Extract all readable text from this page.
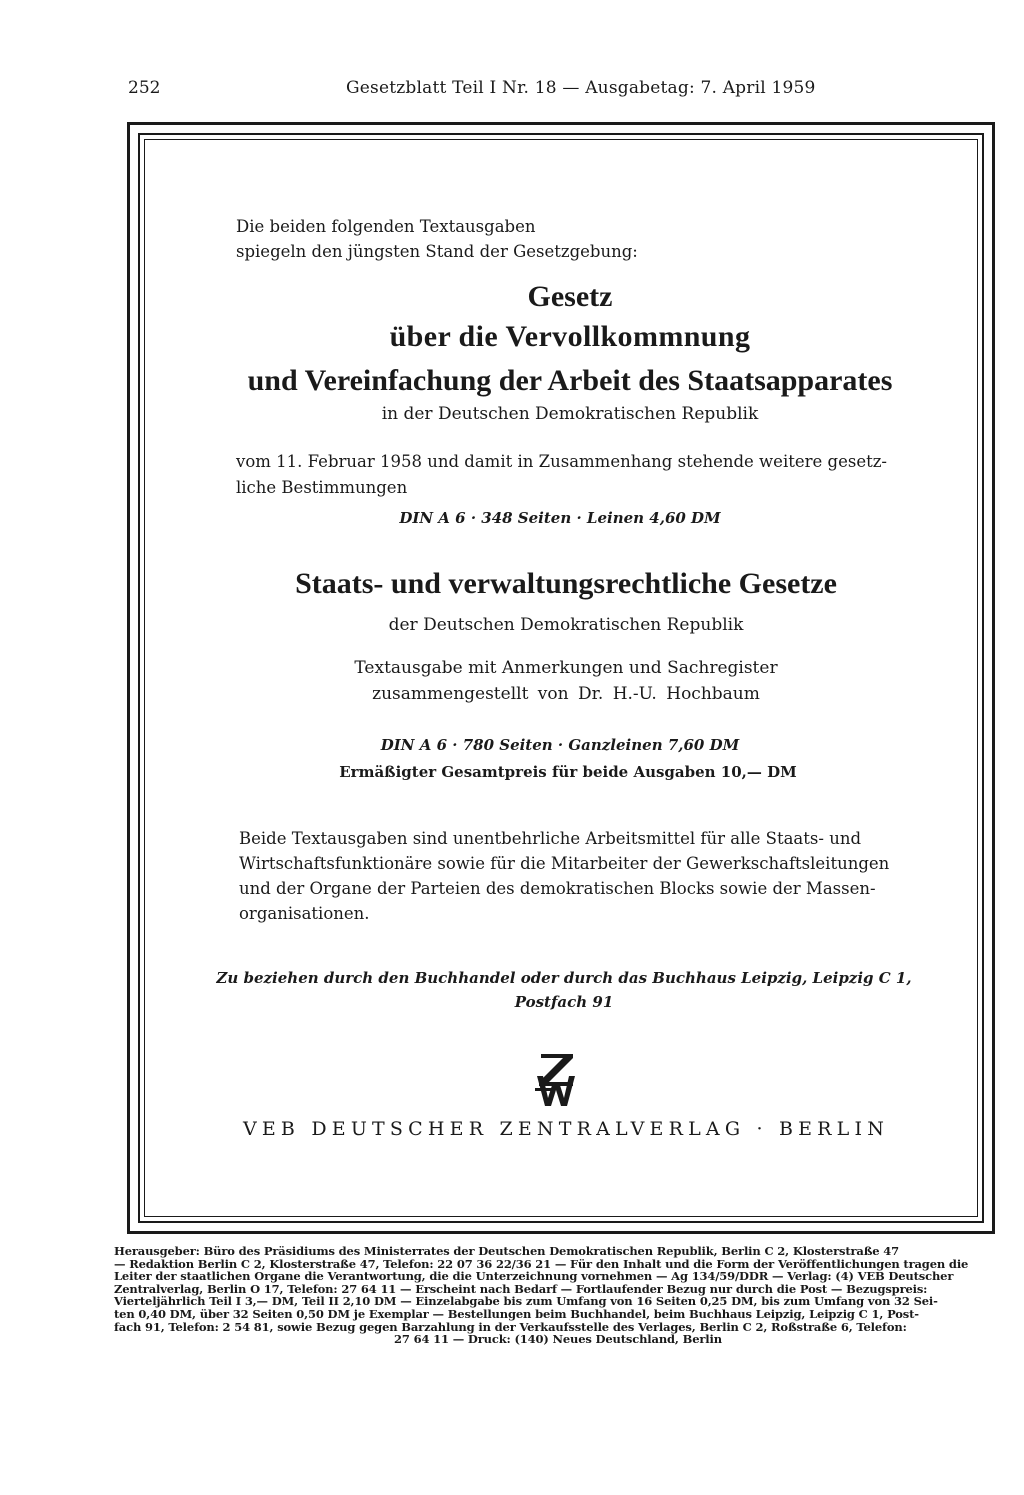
252	Gesetzblatt Teil I Nr. 18 — Ausgabetag: 7. April 1959
Die beiden folgenden Textausgaben
spiegeln den jüngsten Stand der Gesetzgebung:
Gesetz
über die Vervollkommnung
und Vereinfachung der Arbeit des Staatsapparates
in der Deutschen Demokratischen Republik
vom 11. Februar 1958 und damit in Zusammenhang stehende weitere gesetz-
liche Bestimmungen
DIN A 6 · 348 Seiten · Leinen 4,60 DM
Staats- und verwaltungsrechtliche Gesetze
der Deutschen Demokratischen Republik
Textausgabe mit Anmerkungen und Sachregister
zusammengestellt von Dr. H.-U. Hochbaum
DIN A 6 · 780 Seiten · Ganzleinen 7,60 DM
Ermäßigter Gesamtpreis für beide Ausgaben 10,— DM
Beide Textausgaben sind unentbehrliche Arbeitsmittel für alle Staats- und
Wirtschaftsfunktionäre sowie für die Mitarbeiter der Gewerkschaftsleitungen
und der Organe der Parteien des demokratischen Blocks sowie der Massen-
organisationen.
Zu beziehen durch den Buchhandel oder durch das Buchhaus Leipzig, Leipzig C 1,
Postfach 91
VEB DEUTSCHER ZENTRALVERLAG · BERLIN
Herausgeber: Büro des Präsidiums des Ministerrates der Deutschen Demokratischen Republik, Berlin C 2, Klosterstraße 47
— Redaktion Berlin C 2, Klosterstraße 47, Telefon: 22 07 36 22/36 21 — Für den Inhalt und die Form der Veröffentlichungen tragen die
Leiter der staatlichen Organe die Verantwortung, die die Unterzeichnung vornehmen — Ag 134/59/DDR — Verlag: (4) VEB Deutscher
Zentralverlag, Berlin O 17, Telefon: 27 64 11 — Erscheint nach Bedarf — Fortlaufender Bezug nur durch die Post — Bezugspreis:
Vierteljährlich Teil I 3,— DM, Teil II 2,10 DM — Einzelabgabe bis zum Umfang von 16 Seiten 0,25 DM, bis zum Umfang von 32 Sei-
ten 0,40 DM, über 32 Seiten 0,50 DM je Exemplar — Bestellungen beim Buchhandel, beim Buchhaus Leipzig, Leipzig C 1, Post-
fach 91, Telefon: 2 54 81, sowie Bezug gegen Barzahlung in der Verkaufsstelle des Verlages, Berlin C 2, Roßstraße 6, Telefon:
27 64 11 — Druck: (140) Neues Deutschland, Berlin
